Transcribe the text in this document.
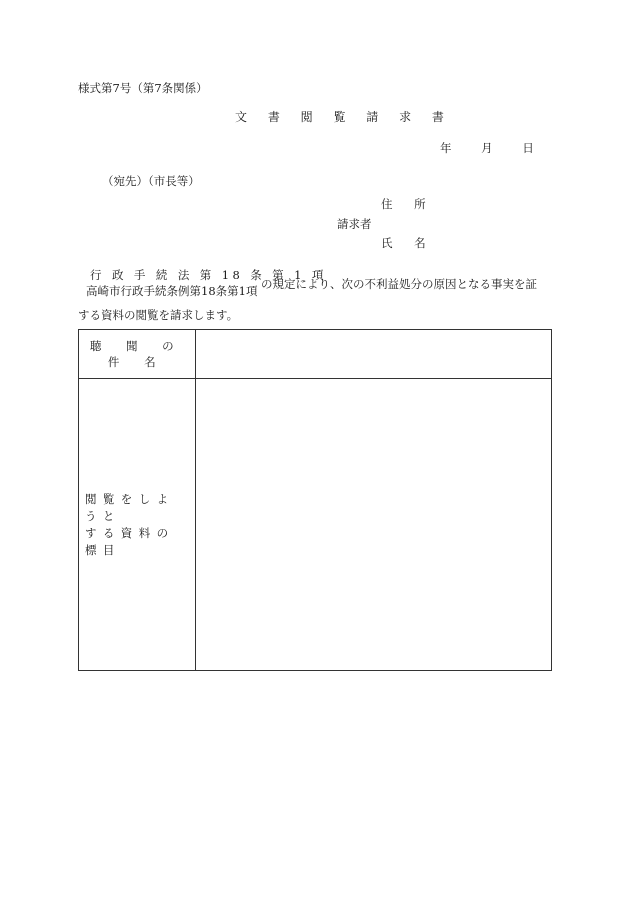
様式第7号（第7条関係）
文 書 閲 覧 請 求 書
年	月	日
（宛先）（市長等）
住 所
請求者
氏 名
行 政 手 続 法 第 18 条 第 1 項
高崎市行政手続条例第18条第1項 の規定により、次の不利益処分の原因となる事実を証
する資料の閲覧を請求します。
聴 聞 の 件 名	

閲覧をしようと
する資料の標目	
